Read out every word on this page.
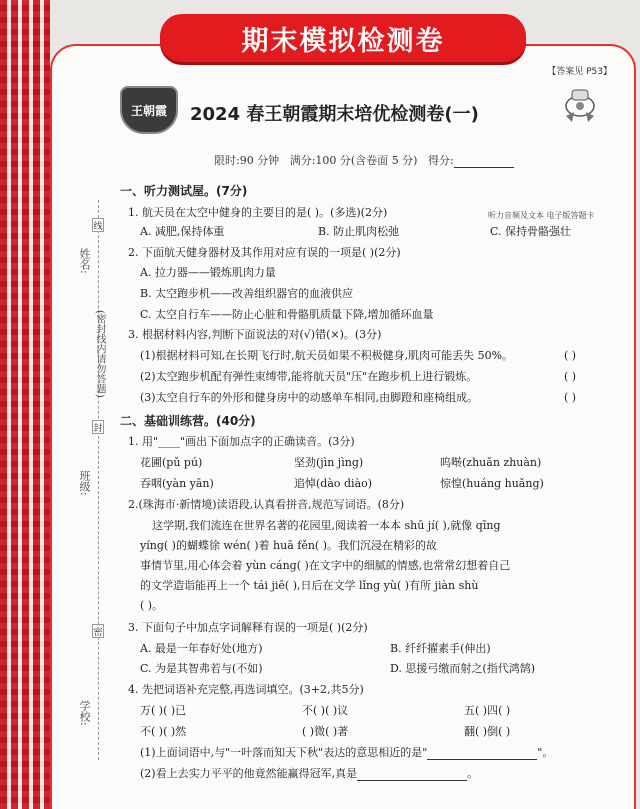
期末模拟检测卷
【答案见 P53】
王朝霞 2024 春王朝霞期末培优检测卷(一)
限时:90 分钟 满分:100 分(含卷面 5 分) 得分:
姓名:
班级:
学校:
(密封线内请勿答题)
线
封
密
一、听力测试屋。(7分)
1. 航天员在太空中健身的主要目的是( )。(多选)(2分)	听力音频及文本 电子版答题卡
A. 减肥,保持体重	B. 防止肌肉松弛	C. 保持骨骼强壮
2. 下面航天健身器材及其作用对应有误的一项是( )(2分)
A. 拉力器——锻炼肌肉力量
B. 太空跑步机——改善组织器官的血液供应
C. 太空自行车——防止心脏和骨骼肌质量下降,增加循环血量
3. 根据材料内容,判断下面说法的对(√)错(×)。(3分)
(1)根据材料可知,在长期飞行时,航天员如果不积极健身,肌肉可能丢失 50%。	( )
(2)太空跑步机配有弹性束缚带,能将航天员"压"在跑步机上进行锻炼。	( )
(3)太空自行车的外形和健身房中的动感单车相同,由脚蹬和座椅组成。	( )
二、基础训练营。(40分)
1. 用"____"画出下面加点字的正确读音。(3分)
花圃(pǔ pú)	坚劲(jìn jìng)	呜啭(zhuǎn zhuàn)
吞咽(yàn yān)	追悼(dào diào)	惊惶(huáng huǎng)
2.(珠海市·新情境)读语段,认真看拼音,规范写词语。(8分)
这学期,我们流连在世界名著的花园里,阅读着一本本 shū jí( ),就像 qīng
yíng( )的蝴蝶徐 wén( )着 huā fěn( )。我们沉浸在精彩的故
事情节里,用心体会着 yùn cáng( )在文字中的细腻的情感,也常常幻想着自己
的文学造诣能再上一个 tái jiē( ),日后在文学 lǐng yù( )有所 jiàn shù
( )。
3. 下面句子中加点字词解释有误的一项是( )(2分)
A. 最是一年春好处(地方)	B. 纤纤擢素手(伸出)
C. 为是其智弗若与(不如)	D. 思援弓缴而射之(指代鸿鹄)
4. 先把词语补充完整,再选词填空。(3+2,共5分)
万( )( )已	不( )( )议	五( )四( )
不( )( )然	( )微( )著	翻( )倒( )
(1)上面词语中,与"一叶落而知天下秋"表达的意思相近的是"	"。
(2)看上去实力平平的他竟然能赢得冠军,真是	。
